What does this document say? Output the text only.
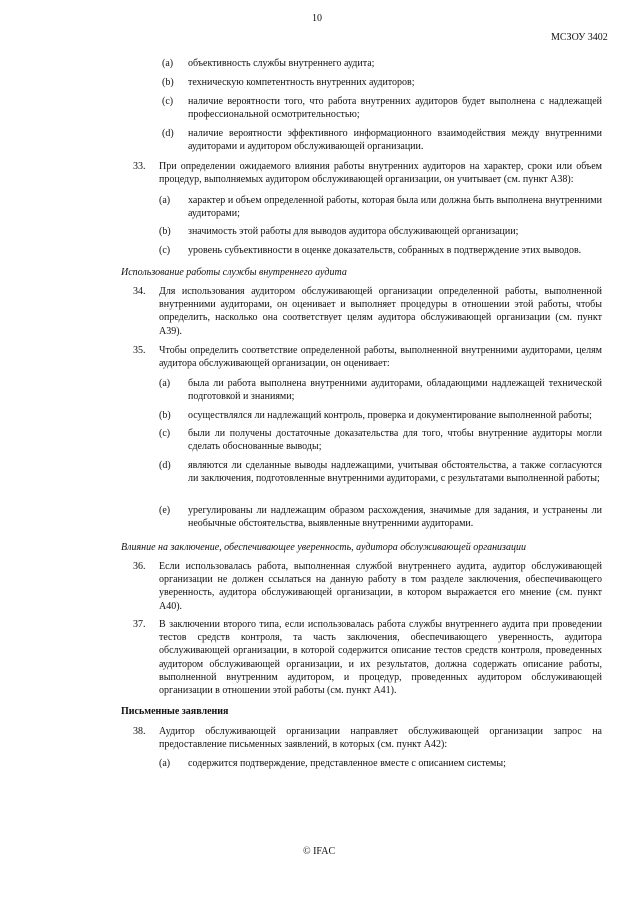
10
МСЗОУ 3402
(a) объективность службы внутреннего аудита;
(b) техническую компетентность внутренних аудиторов;
(c) наличие вероятности того, что работа внутренних аудиторов будет выполнена с надлежащей профессиональной осмотрительностью;
(d) наличие вероятности эффективного информационного взаимодействия между внутренними аудиторами и аудитором обслуживающей организации.
33. При определении ожидаемого влияния работы внутренних аудиторов на характер, сроки или объем процедур, выполняемых аудитором обслуживающей организации, он учитывает (см. пункт А38):
(a) характер и объем определенной работы, которая была или должна быть выполнена внутренними аудиторами;
(b) значимость этой работы для выводов аудитора обслуживающей организации;
(c) уровень субъективности в оценке доказательств, собранных в подтверждение этих выводов.
Использование работы службы внутреннего аудита
34. Для использования аудитором обслуживающей организации определенной работы, выполненной внутренними аудиторами, он оценивает и выполняет процедуры в отношении этой работы, чтобы определить, насколько она соответствует целям аудитора обслуживающей организации (см. пункт А39).
35. Чтобы определить соответствие определенной работы, выполненной внутренними аудиторами, целям аудитора обслуживающей организации, он оценивает:
(a) была ли работа выполнена внутренними аудиторами, обладающими надлежащей технической подготовкой и знаниями;
(b) осуществлялся ли надлежащий контроль, проверка и документирование выполненной работы;
(c) были ли получены достаточные доказательства для того, чтобы внутренние аудиторы могли сделать обоснованные выводы;
(d) являются ли сделанные выводы надлежащими, учитывая обстоятельства, а также согласуются ли заключения, подготовленные внутренними аудиторами, с результатами выполненной работы;
(e) урегулированы ли надлежащим образом расхождения, значимые для задания, и устранены ли необычные обстоятельства, выявленные внутренними аудиторами.
Влияние на заключение, обеспечивающее уверенность, аудитора обслуживающей организации
36. Если использовалась работа, выполненная службой внутреннего аудита, аудитор обслуживающей организации не должен ссылаться на данную работу в том разделе заключения, обеспечивающего уверенность, аудитора обслуживающей организации, в котором выражается его мнение (см. пункт А40).
37. В заключении второго типа, если использовалась работа службы внутреннего аудита при проведении тестов средств контроля, та часть заключения, обеспечивающего уверенность, аудитора обслуживающей организации, в которой содержится описание тестов средств контроля, проведенных аудитором обслуживающей организации, и их результатов, должна содержать описание работы, выполненной внутренним аудитором, и процедур, проведенных аудитором обслуживающей организации в отношении этой работы (см. пункт А41).
Письменные заявления
38. Аудитор обслуживающей организации направляет обслуживающей организации запрос на предоставление письменных заявлений, в которых (см. пункт А42):
(a) содержится подтверждение, представленное вместе с описанием системы;
© IFAC
